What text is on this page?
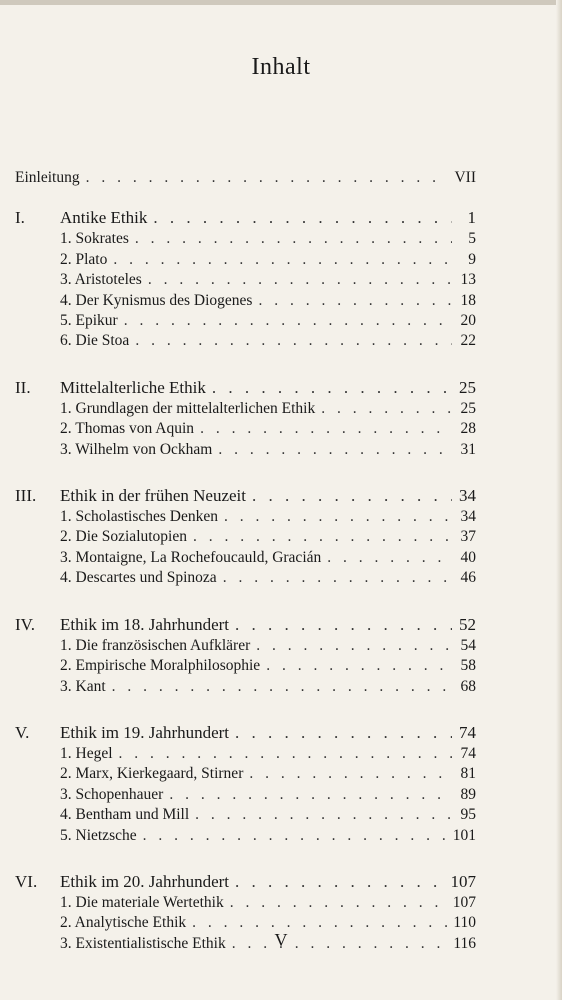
Inhalt
Einleitung . . .	VII
I.	Antike Ethik . . .	1
1. Sokrates . . .	5
2. Plato . . .	9
3. Aristoteles . . .	13
4. Der Kynismus des Diogenes . . .	18
5. Epikur . . .	20
6. Die Stoa . . .	22
II.	Mittelalterliche Ethik . . .	25
1. Grundlagen der mittelalterlichen Ethik . . .	25
2. Thomas von Aquin . . .	28
3. Wilhelm von Ockham . . .	31
III.	Ethik in der frühen Neuzeit . . .	34
1. Scholastisches Denken . . .	34
2. Die Sozialutopien . . .	37
3. Montaigne, La Rochefoucauld, Gracián . . .	40
4. Descartes und Spinoza . . .	46
IV.	Ethik im 18. Jahrhundert . . .	52
1. Die französischen Aufklärer . . .	54
2. Empirische Moralphilosophie . . .	58
3. Kant . . .	68
V.	Ethik im 19. Jahrhundert . . .	74
1. Hegel . . .	74
2. Marx, Kierkegaard, Stirner . . .	81
3. Schopenhauer . . .	89
4. Bentham und Mill . . .	95
5. Nietzsche . . .	101
VI.	Ethik im 20. Jahrhundert . . .	107
1. Die materiale Wertethik . . .	107
2. Analytische Ethik . . .	110
3. Existentialistische Ethik . . .	116
V
